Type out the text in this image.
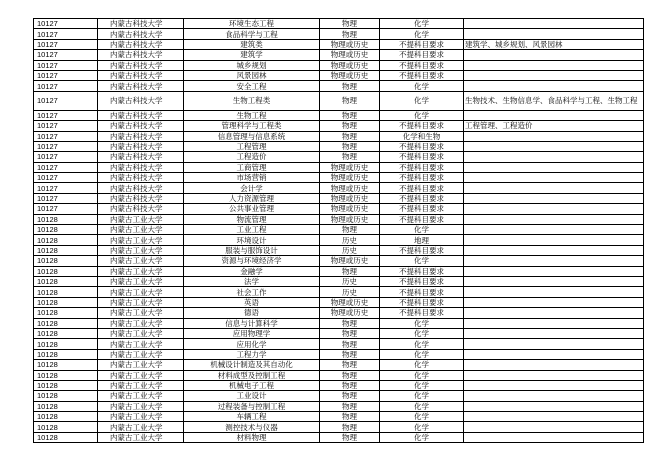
10127	内蒙古科技大学	环境生态工程	物理	化学	
10127	内蒙古科技大学	食品科学与工程	物理	化学	
10127	内蒙古科技大学	建筑类	物理或历史	不提科目要求	建筑学、城乡规划、风景园林
10127	内蒙古科技大学	建筑学	物理或历史	不提科目要求	
10127	内蒙古科技大学	城乡规划	物理或历史	不提科目要求	
10127	内蒙古科技大学	风景园林	物理或历史	不提科目要求	
10127	内蒙古科技大学	安全工程	物理	化学	
10127	内蒙古科技大学	生物工程类	物理	化学	生物技术、生物信息学、食品科学与工程、生物工程
10127	内蒙古科技大学	生物工程	物理	化学	
10127	内蒙古科技大学	管理科学与工程类	物理	不提科目要求	工程管理、工程造价
10127	内蒙古科技大学	信息管理与信息系统	物理	化学和生物	
10127	内蒙古科技大学	工程管理	物理	不提科目要求	
10127	内蒙古科技大学	工程造价	物理	不提科目要求	
10127	内蒙古科技大学	工商管理	物理或历史	不提科目要求	
10127	内蒙古科技大学	市场营销	物理或历史	不提科目要求	
10127	内蒙古科技大学	会计学	物理或历史	不提科目要求	
10127	内蒙古科技大学	人力资源管理	物理或历史	不提科目要求	
10127	内蒙古科技大学	公共事业管理	物理或历史	不提科目要求	
10128	内蒙古工业大学	物流管理	物理或历史	不提科目要求	
10128	内蒙古工业大学	工业工程	物理	化学	
10128	内蒙古工业大学	环境设计	历史	地理	
10128	内蒙古工业大学	服装与服饰设计	历史	不提科目要求	
10128	内蒙古工业大学	资源与环境经济学	物理或历史	化学	
10128	内蒙古工业大学	金融学	物理	不提科目要求	
10128	内蒙古工业大学	法学	历史	不提科目要求	
10128	内蒙古工业大学	社会工作	历史	不提科目要求	
10128	内蒙古工业大学	英语	物理或历史	不提科目要求	
10128	内蒙古工业大学	德语	物理或历史	不提科目要求	
10128	内蒙古工业大学	信息与计算科学	物理	化学	
10128	内蒙古工业大学	应用物理学	物理	化学	
10128	内蒙古工业大学	应用化学	物理	化学	
10128	内蒙古工业大学	工程力学	物理	化学	
10128	内蒙古工业大学	机械设计制造及其自动化	物理	化学	
10128	内蒙古工业大学	材料成型及控制工程	物理	化学	
10128	内蒙古工业大学	机械电子工程	物理	化学	
10128	内蒙古工业大学	工业设计	物理	化学	
10128	内蒙古工业大学	过程装备与控制工程	物理	化学	
10128	内蒙古工业大学	车辆工程	物理	化学	
10128	内蒙古工业大学	测控技术与仪器	物理	化学	
10128	内蒙古工业大学	材料物理	物理	化学	
